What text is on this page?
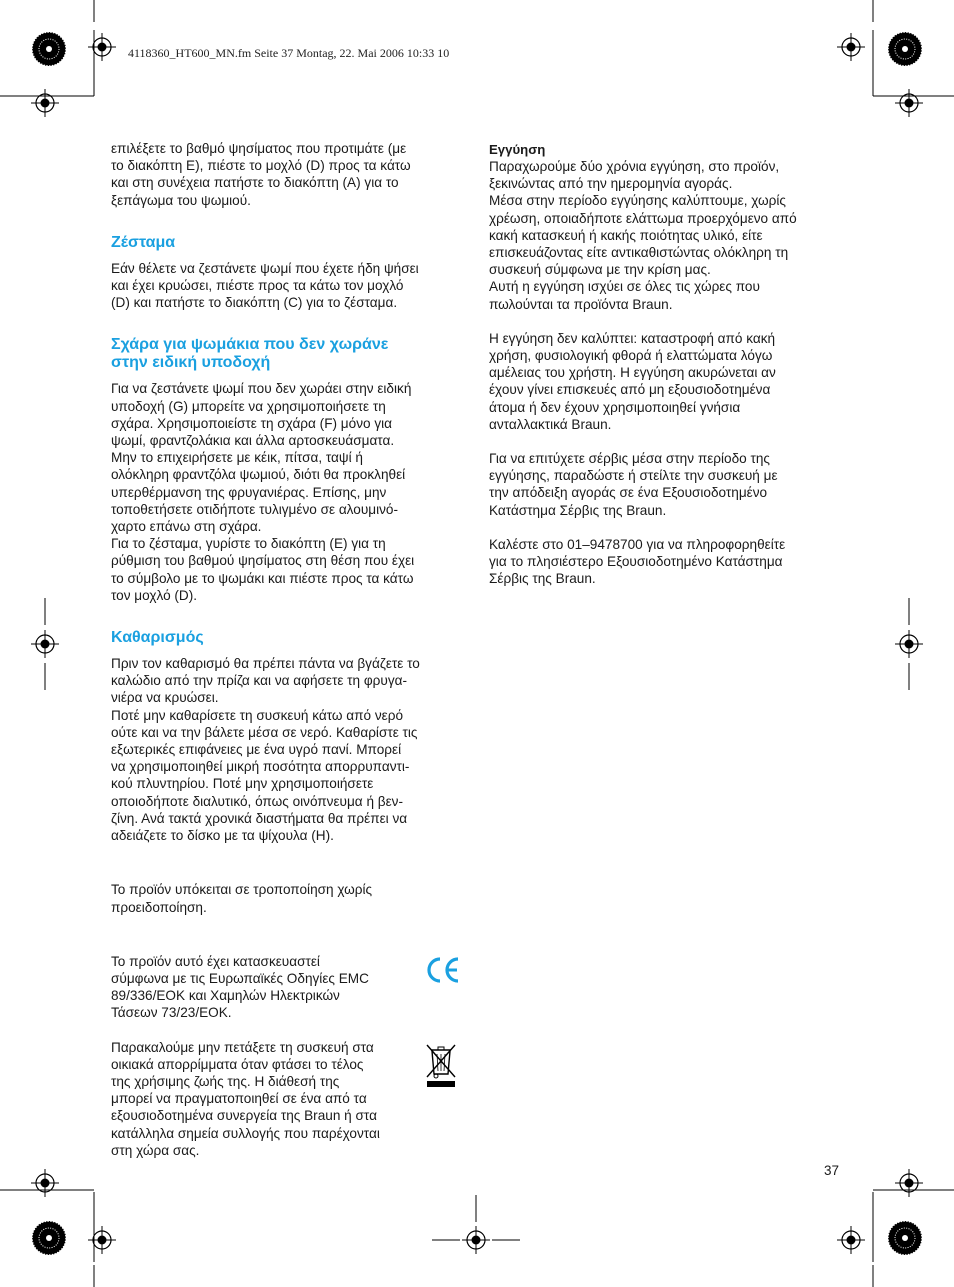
4118360_HT600_MN.fm Seite 37 Montag, 22. Mai 2006 10:33 10

επιλέξετε το βαθμό ψησίματος που προτιμάτε (με
το διακόπτη Ε), πιέστε το μοχλό (D) προς τα κάτω
και στη συνέχεια πατήστε το διακόπτη (Α) για το
ξεπάγωμα του ψωμιού.

Ζέσταμα

Εάν θέλετε να ζεστάνετε ψωμί που έχετε ήδη ψήσει
και έχει κρυώσει, πιέστε προς τα κάτω τον μοχλό
(D) και πατήστε το διακόπτη (C) για το ζέσταμα.

Σχάρα για ψωμάκια που δεν χωράνε
στην ειδική υποδοχή

Για να ζεστάνετε ψωμί που δεν χωράει στην ειδική
υποδοχή (G) μπορείτε να χρησιμοποιήσετε τη
σχάρα. Χρησιμοποιείστε τη σχάρα (F) μόνο για
ψωμί, φραντζολάκια και άλλα αρτοσκευάσματα.
Μην το επιχειρήσετε με κέικ, πίτσα, ταψί ή
ολόκληρη φραντζόλα ψωμιού, διότι θα προκληθεί
υπερθέρμανση της φρυγανιέρας. Επίσης, μην
τοποθετήσετε οτιδήποτε τυλιγμένο σε αλουμινό-
χαρτο επάνω στη σχάρα.
Για το ζέσταμα, γυρίστε το διακόπτη (Ε) για τη
ρύθμιση του βαθμού ψησίματος στη θέση που έχει
το σύμβολο με το ψωμάκι και πιέστε προς τα κάτω
τον μοχλό (D).

Καθαρισμός

Πριν τον καθαρισμό θα πρέπει πάντα να βγάζετε το
καλώδιο από την πρίζα και να αφήσετε τη φρυγα-
νιέρα να κρυώσει.
Ποτέ μην καθαρίσετε τη συσκευή κάτω από νερό
ούτε και να την βάλετε μέσα σε νερό. Καθαρίστε τις
εξωτερικές επιφάνειες με ένα υγρό πανί. Μπορεί
να χρησιμοποιηθεί μικρή ποσότητα απορρυπαντι-
κού πλυντηρίου. Ποτέ μην χρησιμοποιήσετε
οποιοδήποτε διαλυτικό, όπως οινόπνευμα ή βεν-
ζίνη. Ανά τακτά χρονικά διαστήματα θα πρέπει να
αδειάζετε το δίσκο με τα ψίχουλα (Η).

Το προϊόν υπόκειται σε τροποποίηση χωρίς
προειδοποίηση.

Το προϊόν αυτό έχει κατασκευαστεί
σύμφωνα με τις Ευρωπαϊκές Οδηγίες EMC
89/336/ΕΟΚ και Χαμηλών Ηλεκτρικών
Τάσεων 73/23/ΕΟΚ.

Παρακαλούμε μην πετάξετε τη συσκευή στα
οικιακά απορρίμματα όταν φτάσει το τέλος
της χρήσιμης ζωής της. Η διάθεσή της
μπορεί να πραγματοποιηθεί σε ένα από τα
εξουσιοδοτημένα συνεργεία της Braun ή στα
κατάλληλα σημεία συλλογής που παρέχονται
στη χώρα σας.

Εγγύηση

Παραχωρούμε δύο χρόνια εγγύηση, στο προϊόν,
ξεκινώντας από την ημερομηνία αγοράς.
Μέσα στην περίοδο εγγύησης καλύπτουμε, χωρίς
χρέωση, οποιαδήποτε ελάττωμα προερχόμενο από
κακή κατασκευή ή κακής ποιότητας υλικό, είτε
επισκευάζοντας είτε αντικαθιστώντας ολόκληρη τη
συσκευή σύμφωνα με την κρίση μας.
Αυτή η εγγύηση ισχύει σε όλες τις χώρες που
πωλούνται τα προϊόντα Braun.

Η εγγύηση δεν καλύπτει: καταστροφή από κακή
χρήση, φυσιολογική φθορά ή ελαττώματα λόγω
αμέλειας του χρήστη. Η εγγύηση ακυρώνεται αν
έχουν γίνει επισκευές από μη εξουσιοδοτημένα
άτομα ή δεν έχουν χρησιμοποιηθεί γνήσια
ανταλλακτικά Braun.

Για να επιτύχετε σέρβις μέσα στην περίοδο της
εγγύησης, παραδώστε ή στείλτε την συσκευή με
την απόδειξη αγοράς σε ένα Εξουσιοδοτημένο
Κατάστημα Σέρβις της Braun.

Καλέστε στο 01–9478700 για να πληροφορηθείτε
για το πλησιέστερο Εξουσιοδοτημένο Κατάστημα
Σέρβις της Braun.

37
